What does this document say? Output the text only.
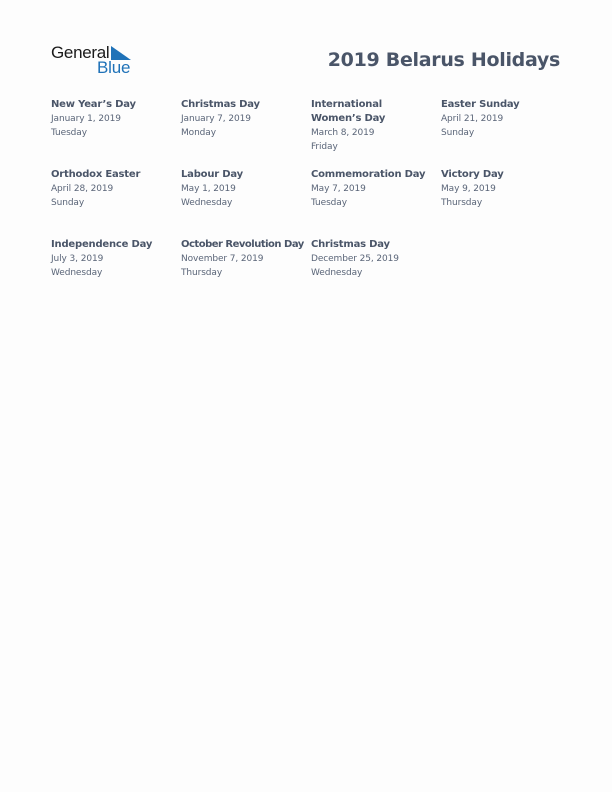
General
Blue	2019 Belarus Holidays
New Year’s Day
January 1, 2019
Tuesday
Christmas Day
January 7, 2019
Monday
International Women’s Day
March 8, 2019
Friday
Easter Sunday
April 21, 2019
Sunday
Orthodox Easter
April 28, 2019
Sunday
Labour Day
May 1, 2019
Wednesday
Commemoration Day
May 7, 2019
Tuesday
Victory Day
May 9, 2019
Thursday
Independence Day
July 3, 2019
Wednesday
October Revolution Day
November 7, 2019
Thursday
Christmas Day
December 25, 2019
Wednesday
